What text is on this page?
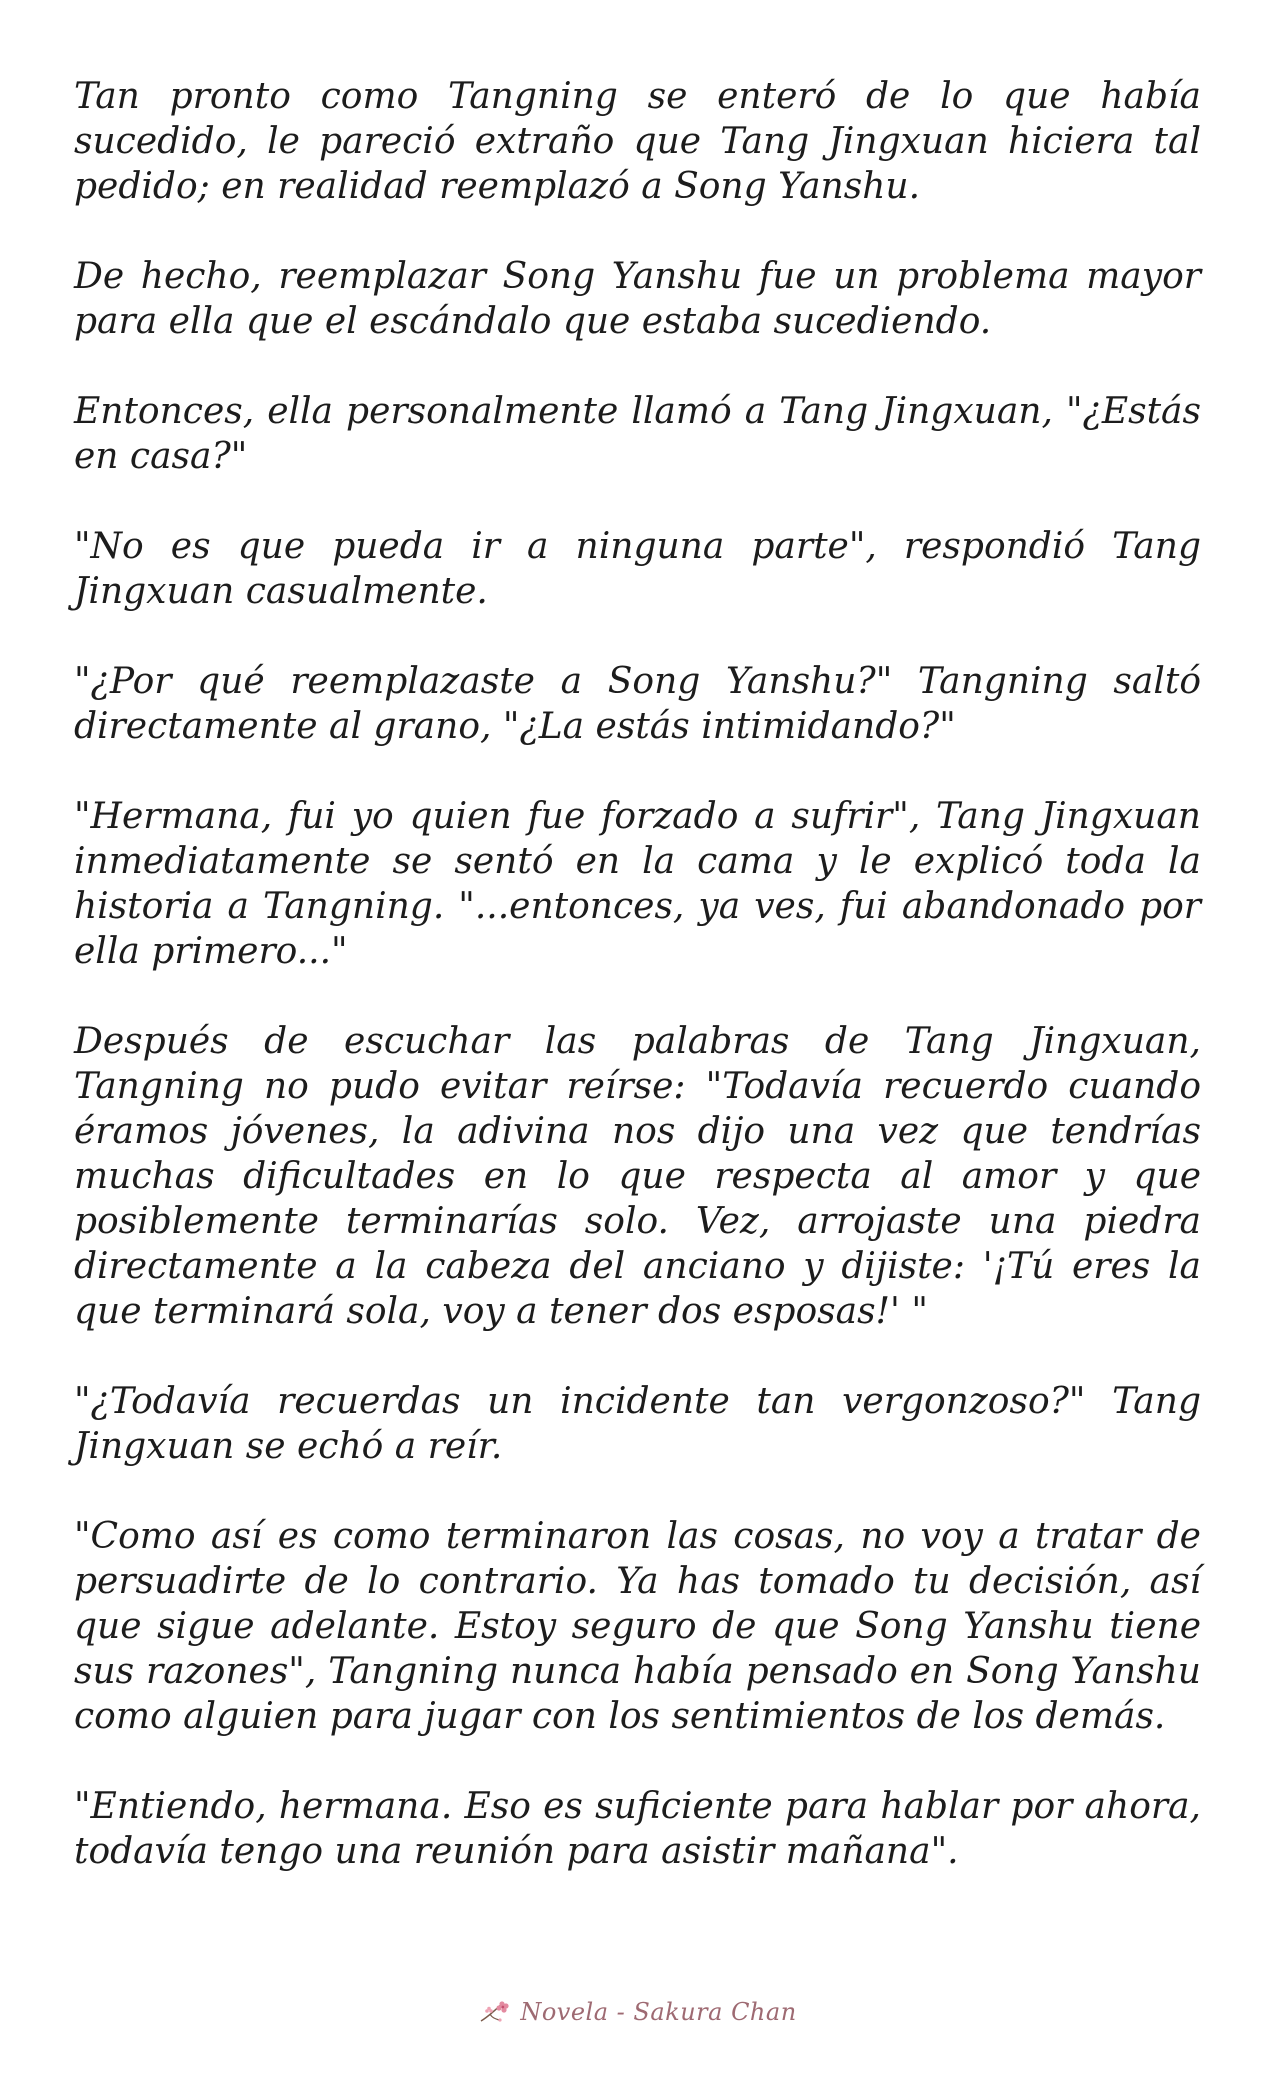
Tan pronto como Tangning se enteró de lo que había sucedido, le pareció extraño que Tang Jingxuan hiciera tal pedido; en realidad reemplazó a Song Yanshu.

De hecho, reemplazar Song Yanshu fue un problema mayor para ella que el escándalo que estaba sucediendo.

Entonces, ella personalmente llamó a Tang Jingxuan, "¿Estás en casa?"

"No es que pueda ir a ninguna parte", respondió Tang Jingxuan casualmente.

"¿Por qué reemplazaste a Song Yanshu?" Tangning saltó directamente al grano, "¿La estás intimidando?"

"Hermana, fui yo quien fue forzado a sufrir", Tang Jingxuan inmediatamente se sentó en la cama y le explicó toda la historia a Tangning. "...entonces, ya ves, fui abandonado por ella primero..."

Después de escuchar las palabras de Tang Jingxuan, Tangning no pudo evitar reírse: "Todavía recuerdo cuando éramos jóvenes, la adivina nos dijo una vez que tendrías muchas dificultades en lo que respecta al amor y que posiblemente terminarías solo. Vez, arrojaste una piedra directamente a la cabeza del anciano y dijiste: '¡Tú eres la que terminará sola, voy a tener dos esposas!' "

"¿Todavía recuerdas un incidente tan vergonzoso?" Tang Jingxuan se echó a reír.

"Como así es como terminaron las cosas, no voy a tratar de persuadirte de lo contrario. Ya has tomado tu decisión, así que sigue adelante. Estoy seguro de que Song Yanshu tiene sus razones", Tangning nunca había pensado en Song Yanshu como alguien para jugar con los sentimientos de los demás.

"Entiendo, hermana. Eso es suficiente para hablar por ahora, todavía tengo una reunión para asistir mañana".

Novela - Sakura Chan
